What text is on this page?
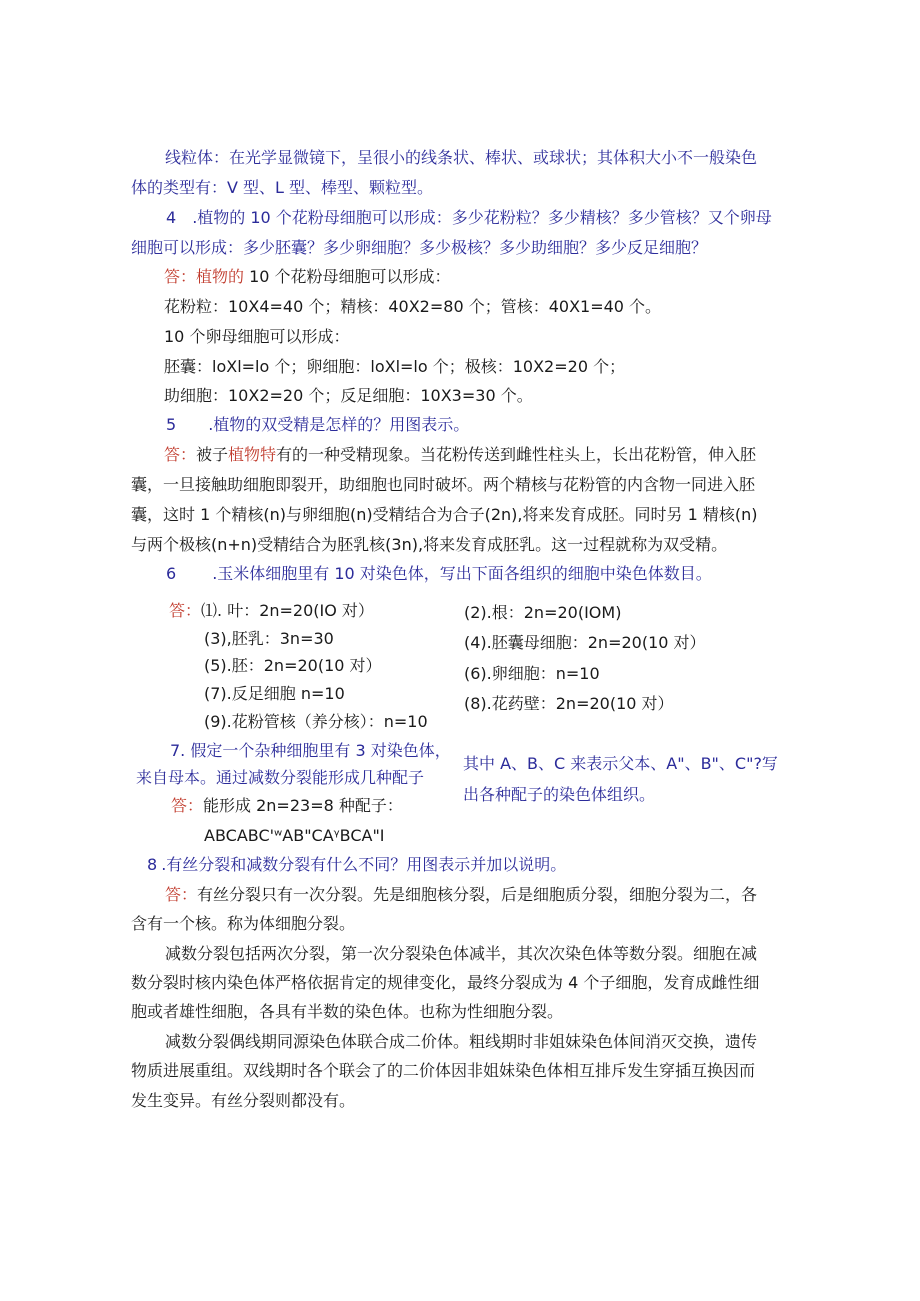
线粒体：在光学显微镜下，呈很小的线条状、棒状、或球状；其体积大小不一般染色
体的类型有：V 型、L 型、棒型、颗粒型。
4 .植物的 10 个花粉母细胞可以形成：多少花粉粒？多少精核？多少管核？又个卵母
细胞可以形成：多少胚囊？多少卵细胞？多少极核？多少助细胞？多少反足细胞？
答：植物的 10 个花粉母细胞可以形成：
花粉粒：10X4=40 个；精核：40X2=80 个；管核：40X1=40 个。
10 个卵母细胞可以形成：
胚囊：loXl=lo 个；卵细胞：loXl=lo 个；极核：10X2=20 个；
助细胞：10X2=20 个；反足细胞：10X3=30 个。
5 .植物的双受精是怎样的？用图表示。
答：被子植物特有的一种受精现象。当花粉传送到雌性柱头上，长出花粉管，伸入胚
囊，一旦接触助细胞即裂开，助细胞也同时破坏。两个精核与花粉管的内含物一同进入胚
囊，这时 1 个精核(n)与卵细胞(n)受精结合为合子(2n),将来发育成胚。同时另 1 精核(n)
与两个极核(n+n)受精结合为胚乳核(3n),将来发育成胚乳。这一过程就称为双受精。
6 .玉米体细胞里有 10 对染色体，写出下面各组织的细胞中染色体数目。
答：⑴. 叶：2n=20(IO 对）	(2).根：2n=20(IOM)
(3),胚乳：3n=30	(4).胚囊母细胞：2n=20(10 对）
(5).胚：2n=20(10 对）	(6).卵细胞：n=10
(7).反足细胞 n=10
(8).花药壁：2n=20(10 对）
(9).花粉管核（养分核）：n=10
7. 假定一个杂种细胞里有 3 对染色体，
来自母本。通过减数分裂能形成几种配子
其中 A、B、C 来表示父本、A"、B"、C"?写
出各种配子的染色体组织。
答：能形成 2n=23=8 种配子：
ABCABC'ʷAB"CAᵞBCA"I
8 .有丝分裂和减数分裂有什么不同？用图表示并加以说明。
答：有丝分裂只有一次分裂。先是细胞核分裂，后是细胞质分裂，细胞分裂为二，各
含有一个核。称为体细胞分裂。
减数分裂包括两次分裂，第一次分裂染色体减半，其次次染色体等数分裂。细胞在减
数分裂时核内染色体严格依据肯定的规律变化，最终分裂成为 4 个子细胞，发育成雌性细
胞或者雄性细胞，各具有半数的染色体。也称为性细胞分裂。
减数分裂偶线期同源染色体联合成二价体。粗线期时非姐妹染色体间消灭交换，遗传
物质进展重组。双线期时各个联会了的二价体因非姐妹染色体相互排斥发生穿插互换因而
发生变异。有丝分裂则都没有。
